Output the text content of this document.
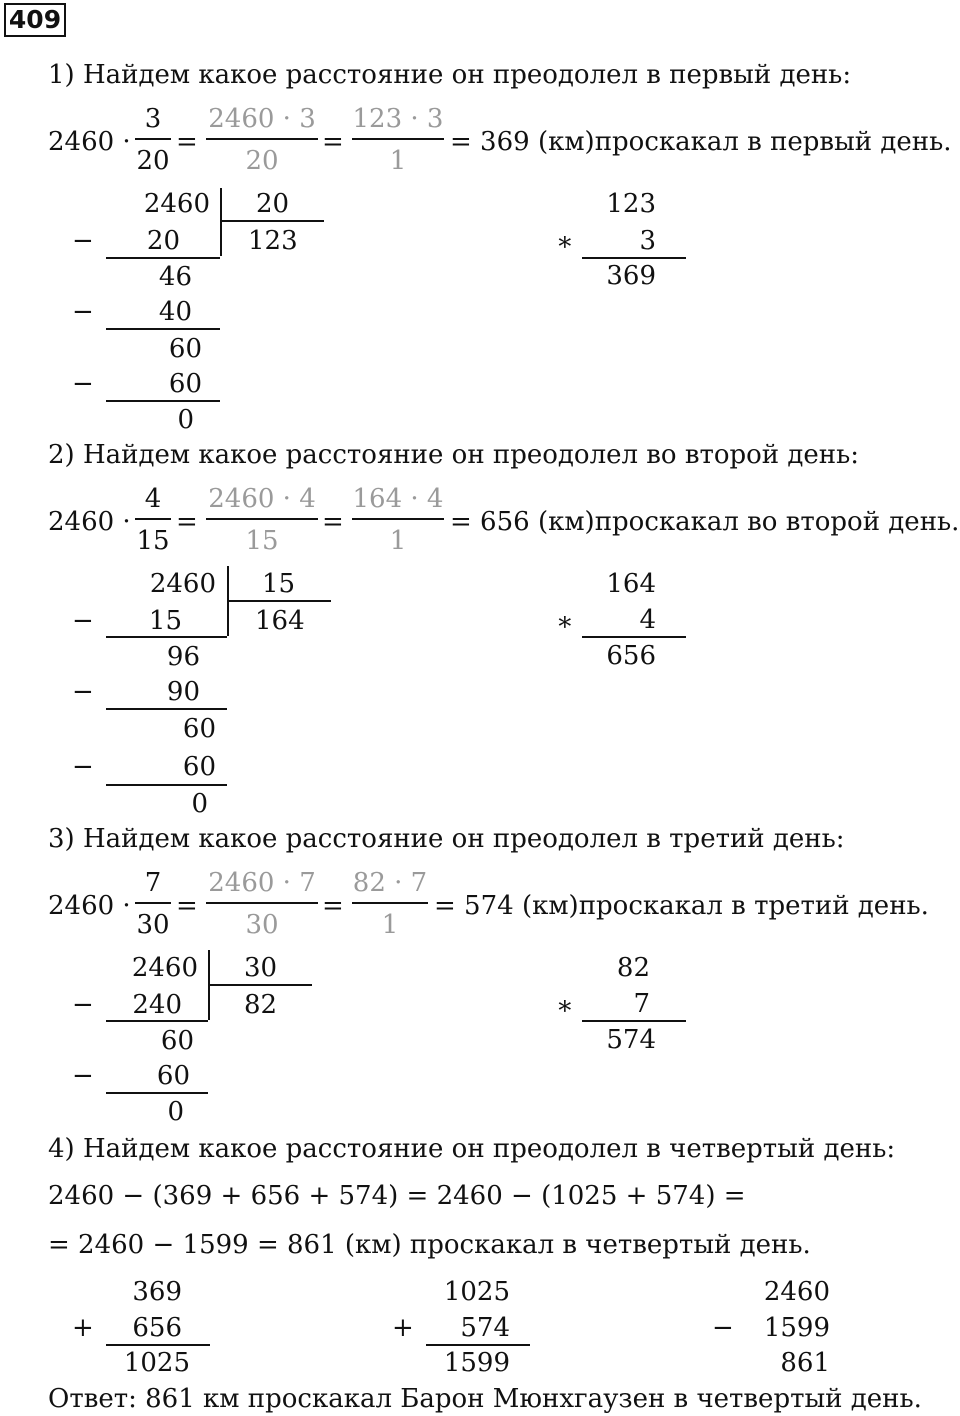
409
1) Найдем какое расстояние он преодолел в первый день:
2460 ·
3
20
=
2460 · 3
20
=
123 · 3
1
= 369 (км)проскакал в первый день.
2460 20
123
−	20
46
−	40
60
−	60
0
123
∗	3
369
2) Найдем какое расстояние он преодолел во второй день:
2460 ·
4
15
=
2460 · 4
15
=
164 · 4
1
= 656 (км)проскакал во второй день.
2460 15
164
−	15
96
−	90
60
−	60
0
164
∗	4
656
3) Найдем какое расстояние он преодолел в третий день:
2460 ·
7
30
=
2460 · 7
30
=
82 · 7
1
= 574 (км)проскакал в третий день.
2460 30
82
−	240
60
−	60
0
82
∗	7
574
4) Найдем какое расстояние он преодолел в четвертый день:
2460 − (369 + 656 + 574) = 2460 − (1025 + 574) =
= 2460 − 1599 = 861 (км) проскакал в четвертый день.
369
+	656
1025
1025
+	574
1599
2460
−	1599
861
Ответ: 861 км проскакал Барон Мюнхгаузен в четвертый день.
